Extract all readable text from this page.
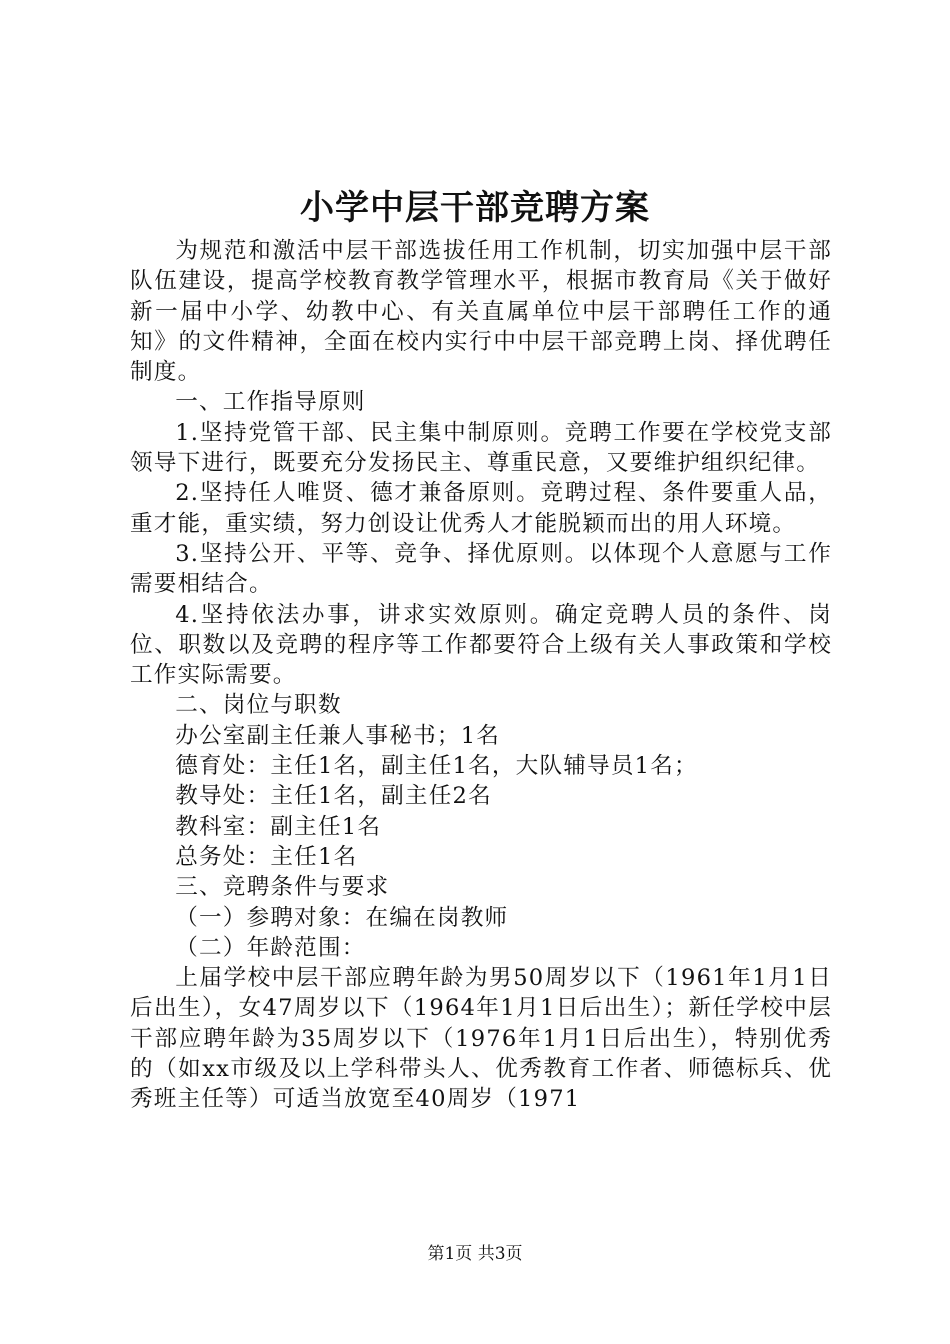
小学中层干部竞聘方案

为规范和激活中层干部选拔任用工作机制，切实加强中层干部队伍建设，提高学校教育教学管理水平，根据市教育局《关于做好新一届中小学、幼教中心、有关直属单位中层干部聘任工作的通知》的文件精神，全面在校内实行中中层干部竞聘上岗、择优聘任制度。

一、工作指导原则

1.坚持党管干部、民主集中制原则。竞聘工作要在学校党支部领导下进行，既要充分发扬民主、尊重民意，又要维护组织纪律。

2.坚持任人唯贤、德才兼备原则。竞聘过程、条件要重人品，重才能，重实绩，努力创设让优秀人才能脱颖而出的用人环境。

3.坚持公开、平等、竞争、择优原则。以体现个人意愿与工作需要相结合。

4.坚持依法办事，讲求实效原则。确定竞聘人员的条件、岗位、职数以及竞聘的程序等工作都要符合上级有关人事政策和学校工作实际需要。

二、岗位与职数

办公室副主任兼人事秘书；1名

德育处：主任1名，副主任1名，大队辅导员1名；

教导处：主任1名，副主任2名

教科室：副主任1名

总务处：主任1名

三、竞聘条件与要求

（一）参聘对象：在编在岗教师

（二）年龄范围：

上届学校中层干部应聘年龄为男50周岁以下（1961年1月1日后出生），女47周岁以下（1964年1月1日后出生）；新任学校中层干部应聘年龄为35周岁以下（1976年1月1日后出生），特别优秀的（如xx市级及以上学科带头人、优秀教育工作者、师德标兵、优秀班主任等）可适当放宽至40周岁（1971

第1页 共3页
